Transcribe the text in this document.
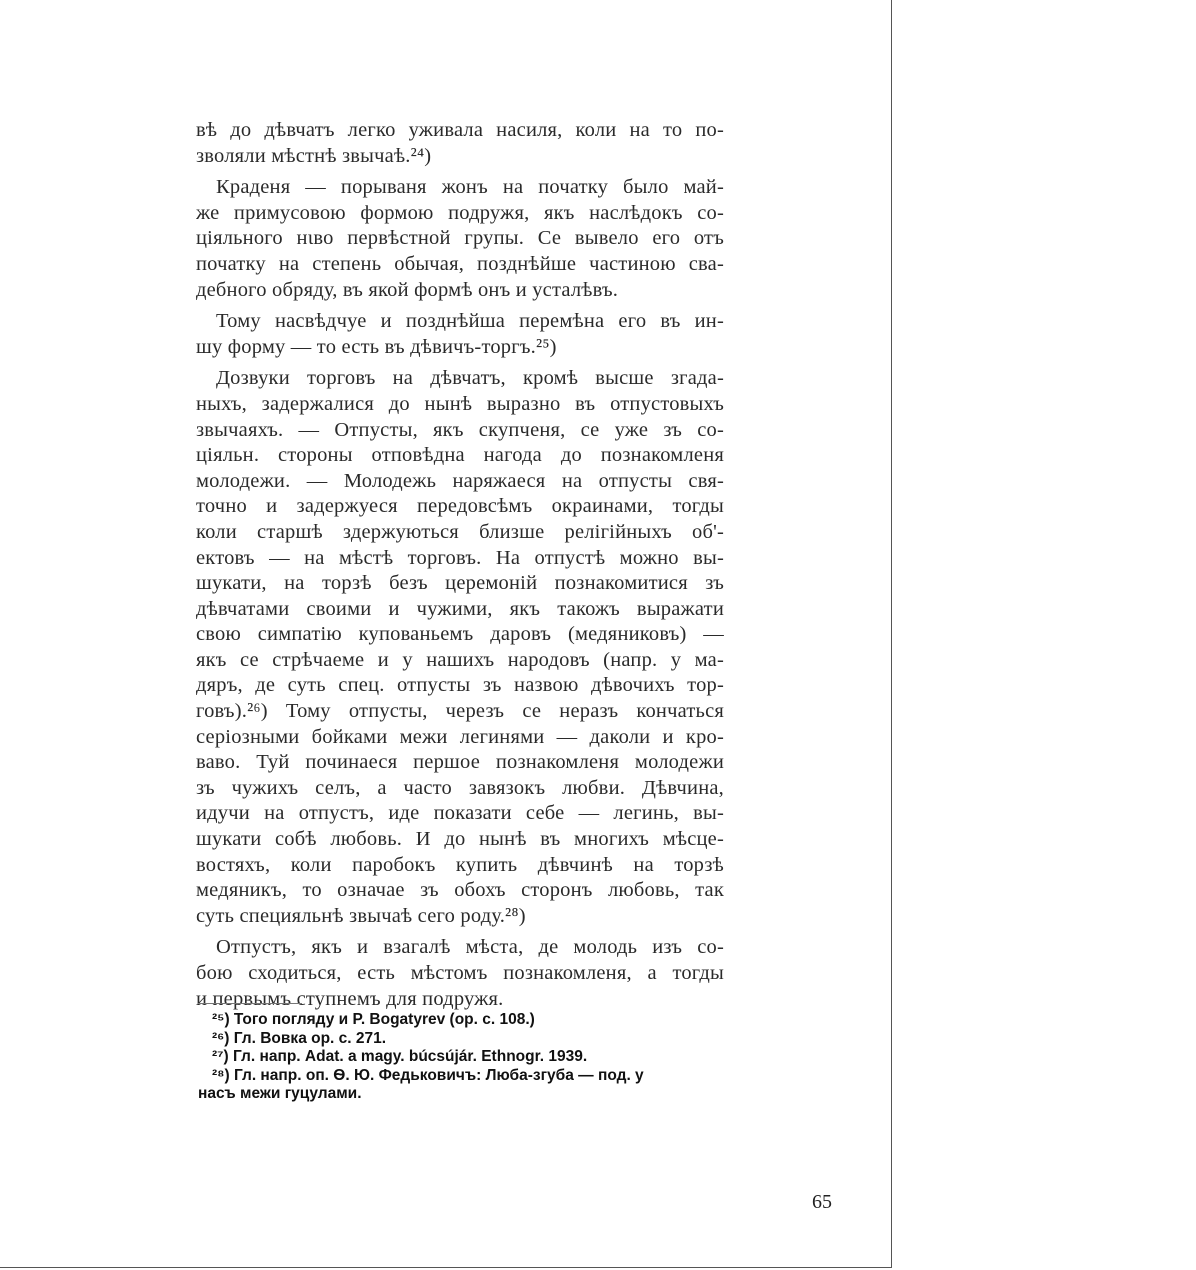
вѣ до дѣвчатъ легко уживала насиля, коли на то по-
зволяли мѣстнѣ звычаѣ.²⁴)

Краденя — порываня жонъ на початку было май-
же примусовою формою подружя, якъ наслѣдокъ со-
ціяльного нιво первѣстной групы. Се вывело его отъ
початку на степень обычая, позднѣйше частиною сва-
дебного обряду, въ якой формѣ онъ и усталѣвъ.

Тому насвѣдчуе и позднѣйша перемѣна его въ ин-
шу форму — то есть въ дѣвичъ-торгъ.²⁵)

Дозвуки торговъ на дѣвчатъ, кромѣ высше згада-
ныхъ, задержалися до нынѣ выразно въ отпустовыхъ
звычаяхъ. — Отпусты, якъ скупченя, се уже зъ со-
ціяльн. стороны отповѣдна нагода до познакомленя
молодежи. — Молодежь наряжаеся на отпусты свя-
точно и задержуеся передовсѣмъ окраинами, тогды
коли старшѣ здержуються близше релігійныхъ об'-
ектовъ — на мѣстѣ торговъ. На отпустѣ можно вы-
шукати, на торзѣ безъ церемоній познакомитися зъ
дѣвчатами своими и чужими, якъ такожъ выражати
свою симпатію купованьемъ даровъ (медяниковъ) —
якъ се стрѣчаеме и у нашихъ народовъ (напр. у ма-
дяръ, де суть спец. отпусты зъ назвою дѣвочихъ тор-
говъ).²⁶) Тому отпусты, черезъ се неразъ кончаться
серіозными бойками межи легинями — даколи и кро-
ваво. Туй починаеся першое познакомленя молодежи
зъ чужихъ селъ, а часто завязокъ любви. Дѣвчина,
идучи на отпустъ, иде показати себе — легинь, вы-
шукати собѣ любовь. И до нынѣ въ многихъ мѣсце-
востяхъ, коли паробокъ купить дѣвчинѣ на торзѣ
медяникъ, то означае зъ обохъ сторонъ любовь, так
суть специяльнѣ звычаѣ сего роду.²⁸)

Отпустъ, якъ и взагалѣ мѣста, де молодь изъ со-
бою сходиться, есть мѣстомъ познакомленя, а тогды
и первымъ ступнемъ для подружя.

²⁵) Того погляду и P. Bogatyrev (op. c. 108.)
²⁶) Гл. Вовка op. c. 271.
²⁷) Гл. напр. Adat. a magy. búcsújár. Ethnogr. 1939.
²⁸) Гл. напр. оп. Ѳ. Ю. Федьковичъ: Люба-згуба — под. у
насъ межи гуцулами.
65
